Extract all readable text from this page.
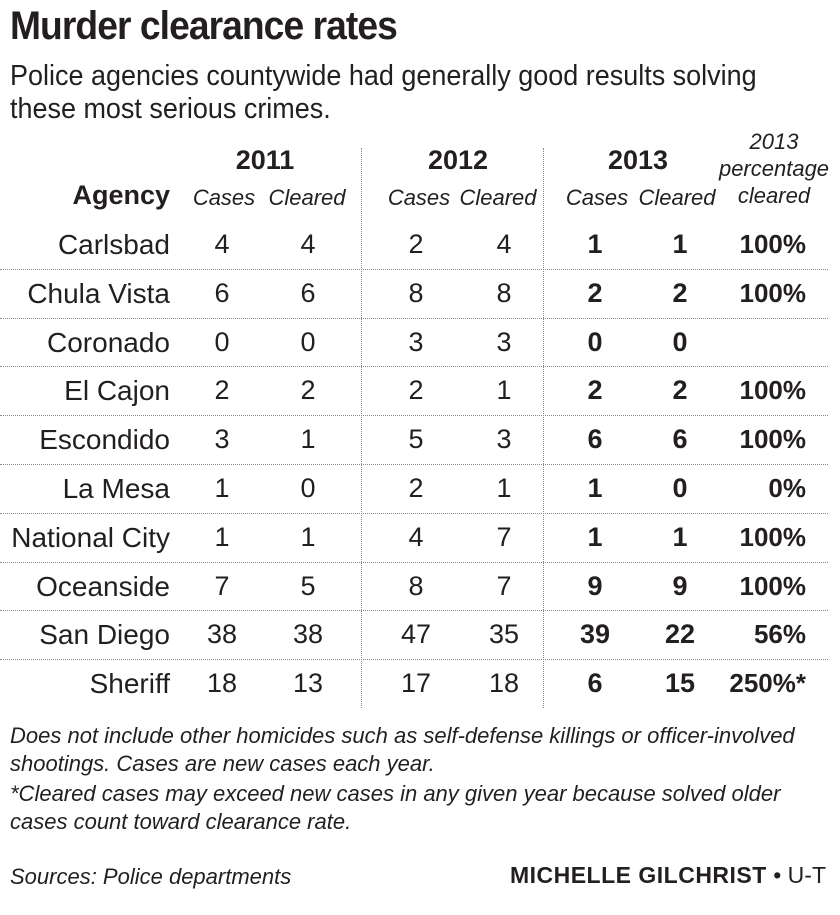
Murder clearance rates
Police agencies countywide had generally good results solving these most serious crimes.
2011	2012	2013
Agency	Cases Cleared	Cases Cleared	Cases Cleared
2013 percentage cleared
Carlsbad	4	4	2	4	1	1	100%
Chula Vista	6	6	8	8	2	2	100%
Coronado	0	0	3	3	0	0
El Cajon	2	2	2	1	2	2	100%
Escondido	3	1	5	3	6	6	100%
La Mesa	1	0	2	1	1	0	0%
National City	1	1	4	7	1	1	100%
Oceanside	7	5	8	7	9	9	100%
San Diego	38	38	47	35	39	22	56%
Sheriff	18	13	17	18	6	15	250%*

Does not include other homicides such as self-defense killings or officer-involved shootings. Cases are new cases each year.

*Cleared cases may exceed new cases in any given year because solved older cases count toward clearance rate.

Sources: Police departments	MICHELLE GILCHRIST • U-T
